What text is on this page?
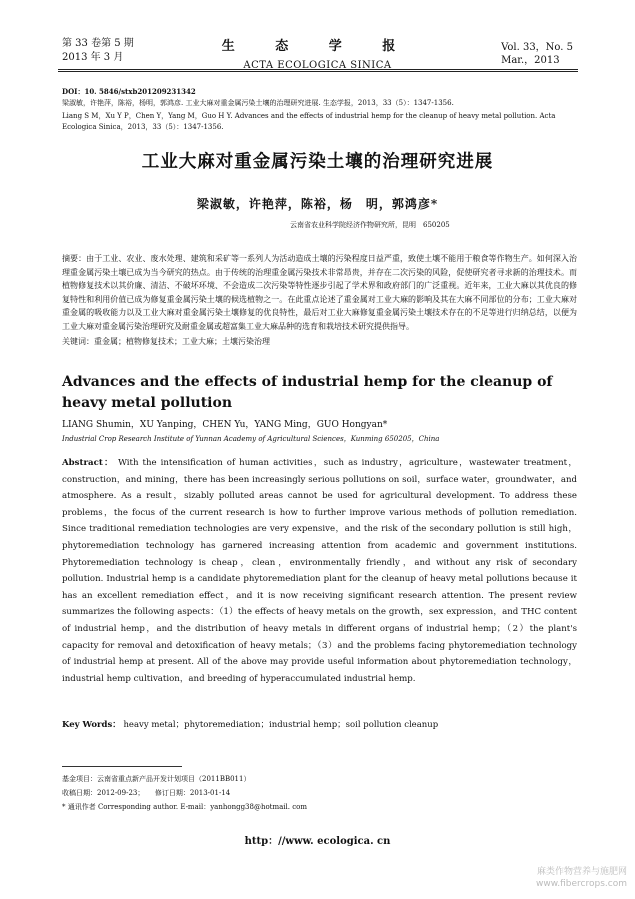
第 33 卷第 5 期
2013 年 3 月
生 态 学 报
ACTA ECOLOGICA SINICA
Vol. 33，No. 5
Mar.，2013
DOI：10. 5846/stxb201209231342
梁淑敏，许艳萍，陈裕，杨明，郭鸿彦. 工业大麻对重金属污染土壤的治理研究进展. 生态学报，2013，33（5）：1347-1356.
Liang S M，Xu Y P，Chen Y，Yang M，Guo H Y. Advances and the effects of industrial hemp for the cleanup of heavy metal pollution. Acta Ecologica Sinica，2013，33（5）：1347-1356.
工业大麻对重金属污染土壤的治理研究进展
梁淑敏，许艳萍，陈裕，杨　明，郭鸿彦*
云南省农业科学院经济作物研究所，昆明　650205
摘要：由于工业、农业、废水处理、建筑和采矿等一系列人为活动造成土壤的污染程度日益严重，致使土壤不能用于粮食等作物生产。如何深入治理重金属污染土壤已成为当今研究的热点。由于传统的治理重金属污染技术非常昂贵，并存在二次污染的风险，促使研究者寻求新的治理技术。而植物修复技术以其价廉、清洁、不破坏环境、不会造成二次污染等特性逐步引起了学术界和政府部门的广泛重视。近年来，工业大麻以其优良的修复特性和利用价值已成为修复重金属污染土壤的候选植物之一。在此重点论述了重金属对工业大麻的影响及其在大麻不同部位的分布；工业大麻对重金属的吸收能力以及工业大麻对重金属污染土壤修复的优良特性，最后对工业大麻修复重金属污染土壤技术存在的不足等进行归纳总结，以便为工业大麻对重金属污染治理研究及耐重金属或超富集工业大麻品种的选育和栽培技术研究提供指导。
关键词：重金属；植物修复技术；工业大麻；土壤污染治理
Advances and the effects of industrial hemp for the cleanup of heavy metal pollution
LIANG Shumin，XU Yanping，CHEN Yu，YANG Ming，GUO Hongyan*
Industrial Crop Research Institute of Yunnan Academy of Agricultural Sciences，Kunming 650205，China
Abstract： With the intensification of human activities，such as industry，agriculture，wastewater treatment，construction，and mining，there has been increasingly serious pollutions on soil，surface water，groundwater，and atmosphere. As a result，sizably polluted areas cannot be used for agricultural development. To address these problems，the focus of the current research is how to further improve various methods of pollution remediation. Since traditional remediation technologies are very expensive，and the risk of the secondary pollution is still high，phytoremediation technology has garnered increasing attention from academic and government institutions. Phytoremediation technology is cheap，clean，environmentally friendly，and without any risk of secondary pollution. Industrial hemp is a candidate phytoremediation plant for the cleanup of heavy metal pollutions because it has an excellent remediation effect，and it is now receiving significant research attention. The present review summarizes the following aspects：（1）the effects of heavy metals on the growth，sex expression，and THC content of industrial hemp，and the distribution of heavy metals in different organs of industrial hemp；（2）the plant's capacity for removal and detoxification of heavy metals；（3）and the problems facing phytoremediation technology of industrial hemp at present. All of the above may provide useful information about phytoremediation technology，industrial hemp cultivation，and breeding of hyperaccumulated industrial hemp.
Key Words： heavy metal；phytoremediation；industrial hemp；soil pollution cleanup
基金项目：云南省重点新产品开发计划项目（2011BB011）
收稿日期：2012-09-23；　　修订日期：2013-01-14
* 通讯作者 Corresponding author. E-mail：yanhongg38@hotmail. com
http：//www. ecologica. cn
麻类作物营养与施肥网
www.fibercrops.com
